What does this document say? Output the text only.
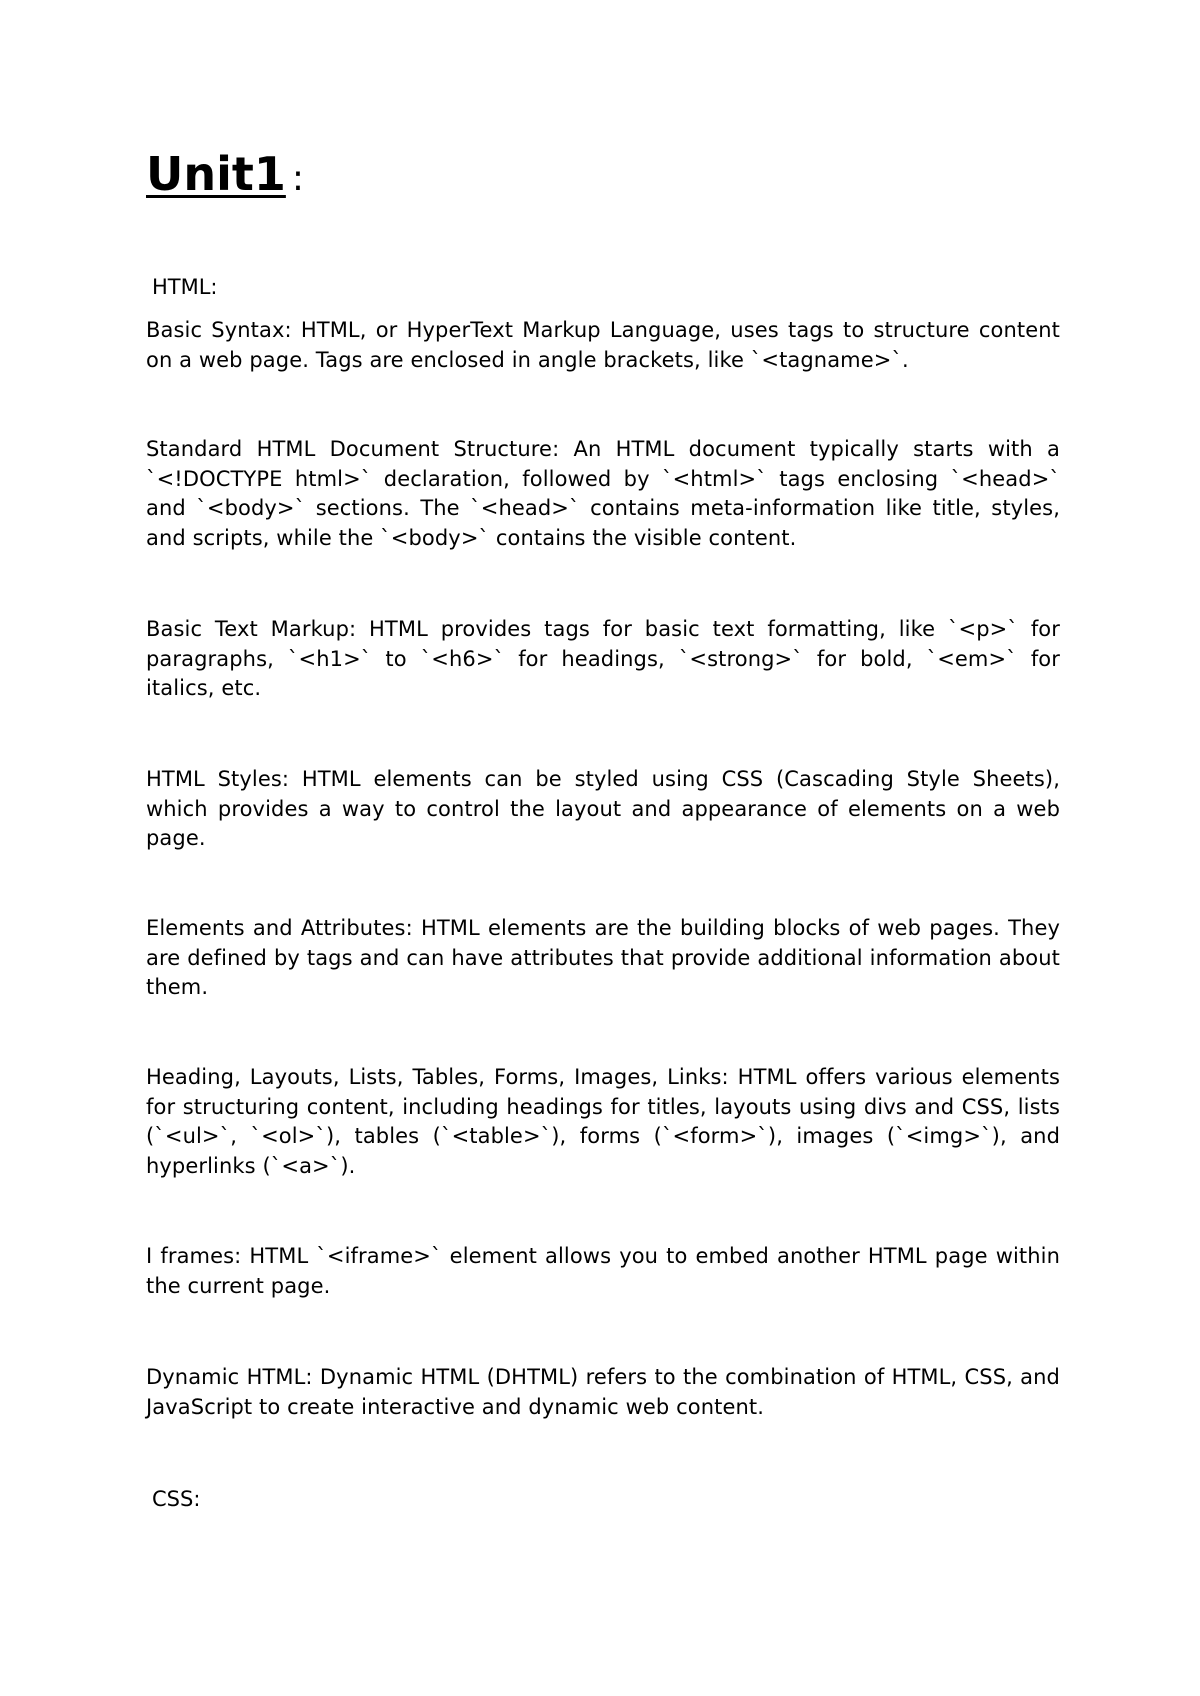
Unit1 :
HTML:

Basic Syntax: HTML, or HyperText Markup Language, uses tags to structure content on a web page. Tags are enclosed in angle brackets, like `<tagname>`.

Standard HTML Document Structure: An HTML document typically starts with a `<!DOCTYPE html>` declaration, followed by `<html>` tags enclosing `<head>` and `<body>` sections. The `<head>` contains meta-information like title, styles, and scripts, while the `<body>` contains the visible content.

Basic Text Markup: HTML provides tags for basic text formatting, like `<p>` for paragraphs, `<h1>` to `<h6>` for headings, `<strong>` for bold, `<em>` for italics, etc.

HTML Styles: HTML elements can be styled using CSS (Cascading Style Sheets), which provides a way to control the layout and appearance of elements on a web page.

Elements and Attributes: HTML elements are the building blocks of web pages. They are defined by tags and can have attributes that provide additional information about them.

Heading, Layouts, Lists, Tables, Forms, Images, Links: HTML offers various elements for structuring content, including headings for titles, layouts using divs and CSS, lists (`<ul>`, `<ol>`), tables (`<table>`), forms (`<form>`), images (`<img>`), and hyperlinks (`<a>`).

I frames: HTML `<iframe>` element allows you to embed another HTML page within the current page.

Dynamic HTML: Dynamic HTML (DHTML) refers to the combination of HTML, CSS, and JavaScript to create interactive and dynamic web content.

CSS:
